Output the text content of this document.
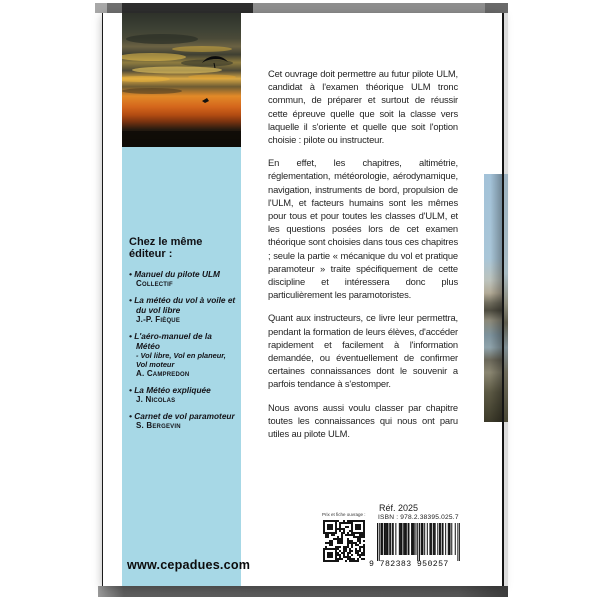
Chez le même éditeur :
• Manuel du pilote ULM
Collectif
• La météo du vol à voile et du vol libre
J.-P. Fièque
• L'aéro-manuel de la Météo
- Vol libre, Vol en planeur, Vol moteur
A. Campredon
• La Météo expliquée
J. Nicolas
• Carnet de vol paramoteur
S. Bergevin
www.cepadues.com

Cet ouvrage doit permettre au futur pilote ULM, candidat à l'examen théorique ULM tronc commun, de préparer et surtout de réussir cette épreuve quelle que soit la classe vers laquelle il s'oriente et quelle que soit l'option choisie : pilote ou instructeur.

En effet, les chapitres, altimétrie, réglementation, météorologie, aérodynamique, navigation, instruments de bord, propulsion de l'ULM, et facteurs humains sont les mêmes pour tous et pour toutes les classes d'ULM, et les questions posées lors de cet examen théorique sont choisies dans tous ces chapitres ; seule la partie « mécanique du vol et pratique paramoteur » traite spécifiquement de cette discipline et intéressera donc plus particulièrement les paramotoristes.

Quant aux instructeurs, ce livre leur permettra, pendant la formation de leurs élèves, d'accéder rapidement et facilement à l'information demandée, ou éventuellement de confirmer certaines connaissances dont le souvenir a parfois tendance à s'estomper.

Nous avons aussi voulu classer par chapitre toutes les connaissances qui nous ont paru utiles au pilote ULM.

Prix et fiche ouvrage :
Réf. 2025
ISBN : 978.2.38395.025.7
9 782383 950257
